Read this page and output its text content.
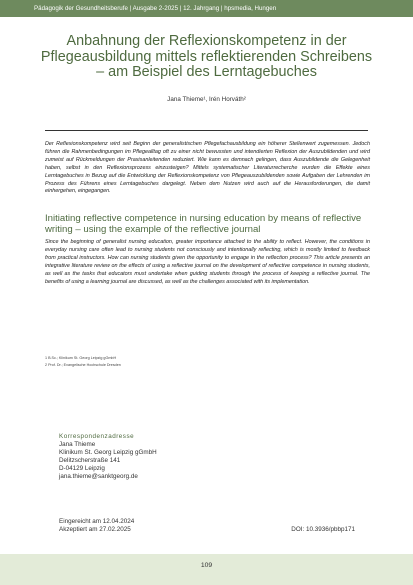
Pädagogik der Gesundheitsberufe | Ausgabe 2-2025 | 12. Jahrgang | hpsmedia, Hungen
Anbahnung der Reflexionskompetenz in der Pflegeausbildung mittels reflektierenden Schreibens – am Beispiel des Lerntagebuches
Jana Thieme¹, Irén Horváth²

Der Reflexionskompetenz wird seit Beginn der generalistischen Pflegefachausbildung ein höherer Stellenwert zugemessen. Jedoch führen die Rahmenbedingungen im Pflegealltag oft zu einer nicht bewussten und intendierten Reflexion der Auszubildenden und wird zumeist auf Rückmeldungen der Praxisanleitenden reduziert. Wie kann es demnach gelingen, dass Auszubildende die Gelegenheit haben, selbst in den Reflexionsprozess einzusteigen? Mittels systematischer Literaturrecherche wurden die Effekte eines Lerntagebuches in Bezug auf die Entwicklung der Reflexionskompetenz von Pflegeauszubildenden sowie Aufgaben der Lehrenden im Prozess des Führens eines Lerntagebuches dargelegt. Neben dem Nutzen wird auch auf die Herausforderungen, die damit einhergehen, eingegangen.

Initiating reflective competence in nursing education by means of reflective writing – using the example of the reflective journal

Since the beginning of generalist nursing education, greater importance attached to the ability to reflect. However, the conditions in everyday nursing care often lead to nursing students not consciously and intentionally reflecting, which is mostly limited to feedback from practical instructors. How can nursing students given the opportunity to engage in the reflection process? This article presents an integrative literature review on the effects of using a reflective journal on the development of reflective competence in nursing students, as well as the tasks that educators must undertake when guiding students through the process of keeping a reflective journal. The benefits of using a learning journal are discussed, as well as the challenges associated with its implementation.

1 B.Sc.; Klinikum St. Georg Leipzig gGmbH
2 Prof. Dr.; Evangelische Hochschule Dresden
Korrespondenzadresse
Jana Thieme
Klinikum St. Georg Leipzig gGmbH
Delitzscherstraße 141
D-04129 Leipzig
jana.thieme@sanktgeorg.de
Eingereicht am 12.04.2024
Akzeptiert am 27.02.2025	DOI: 10.3936/pbbp171
109
